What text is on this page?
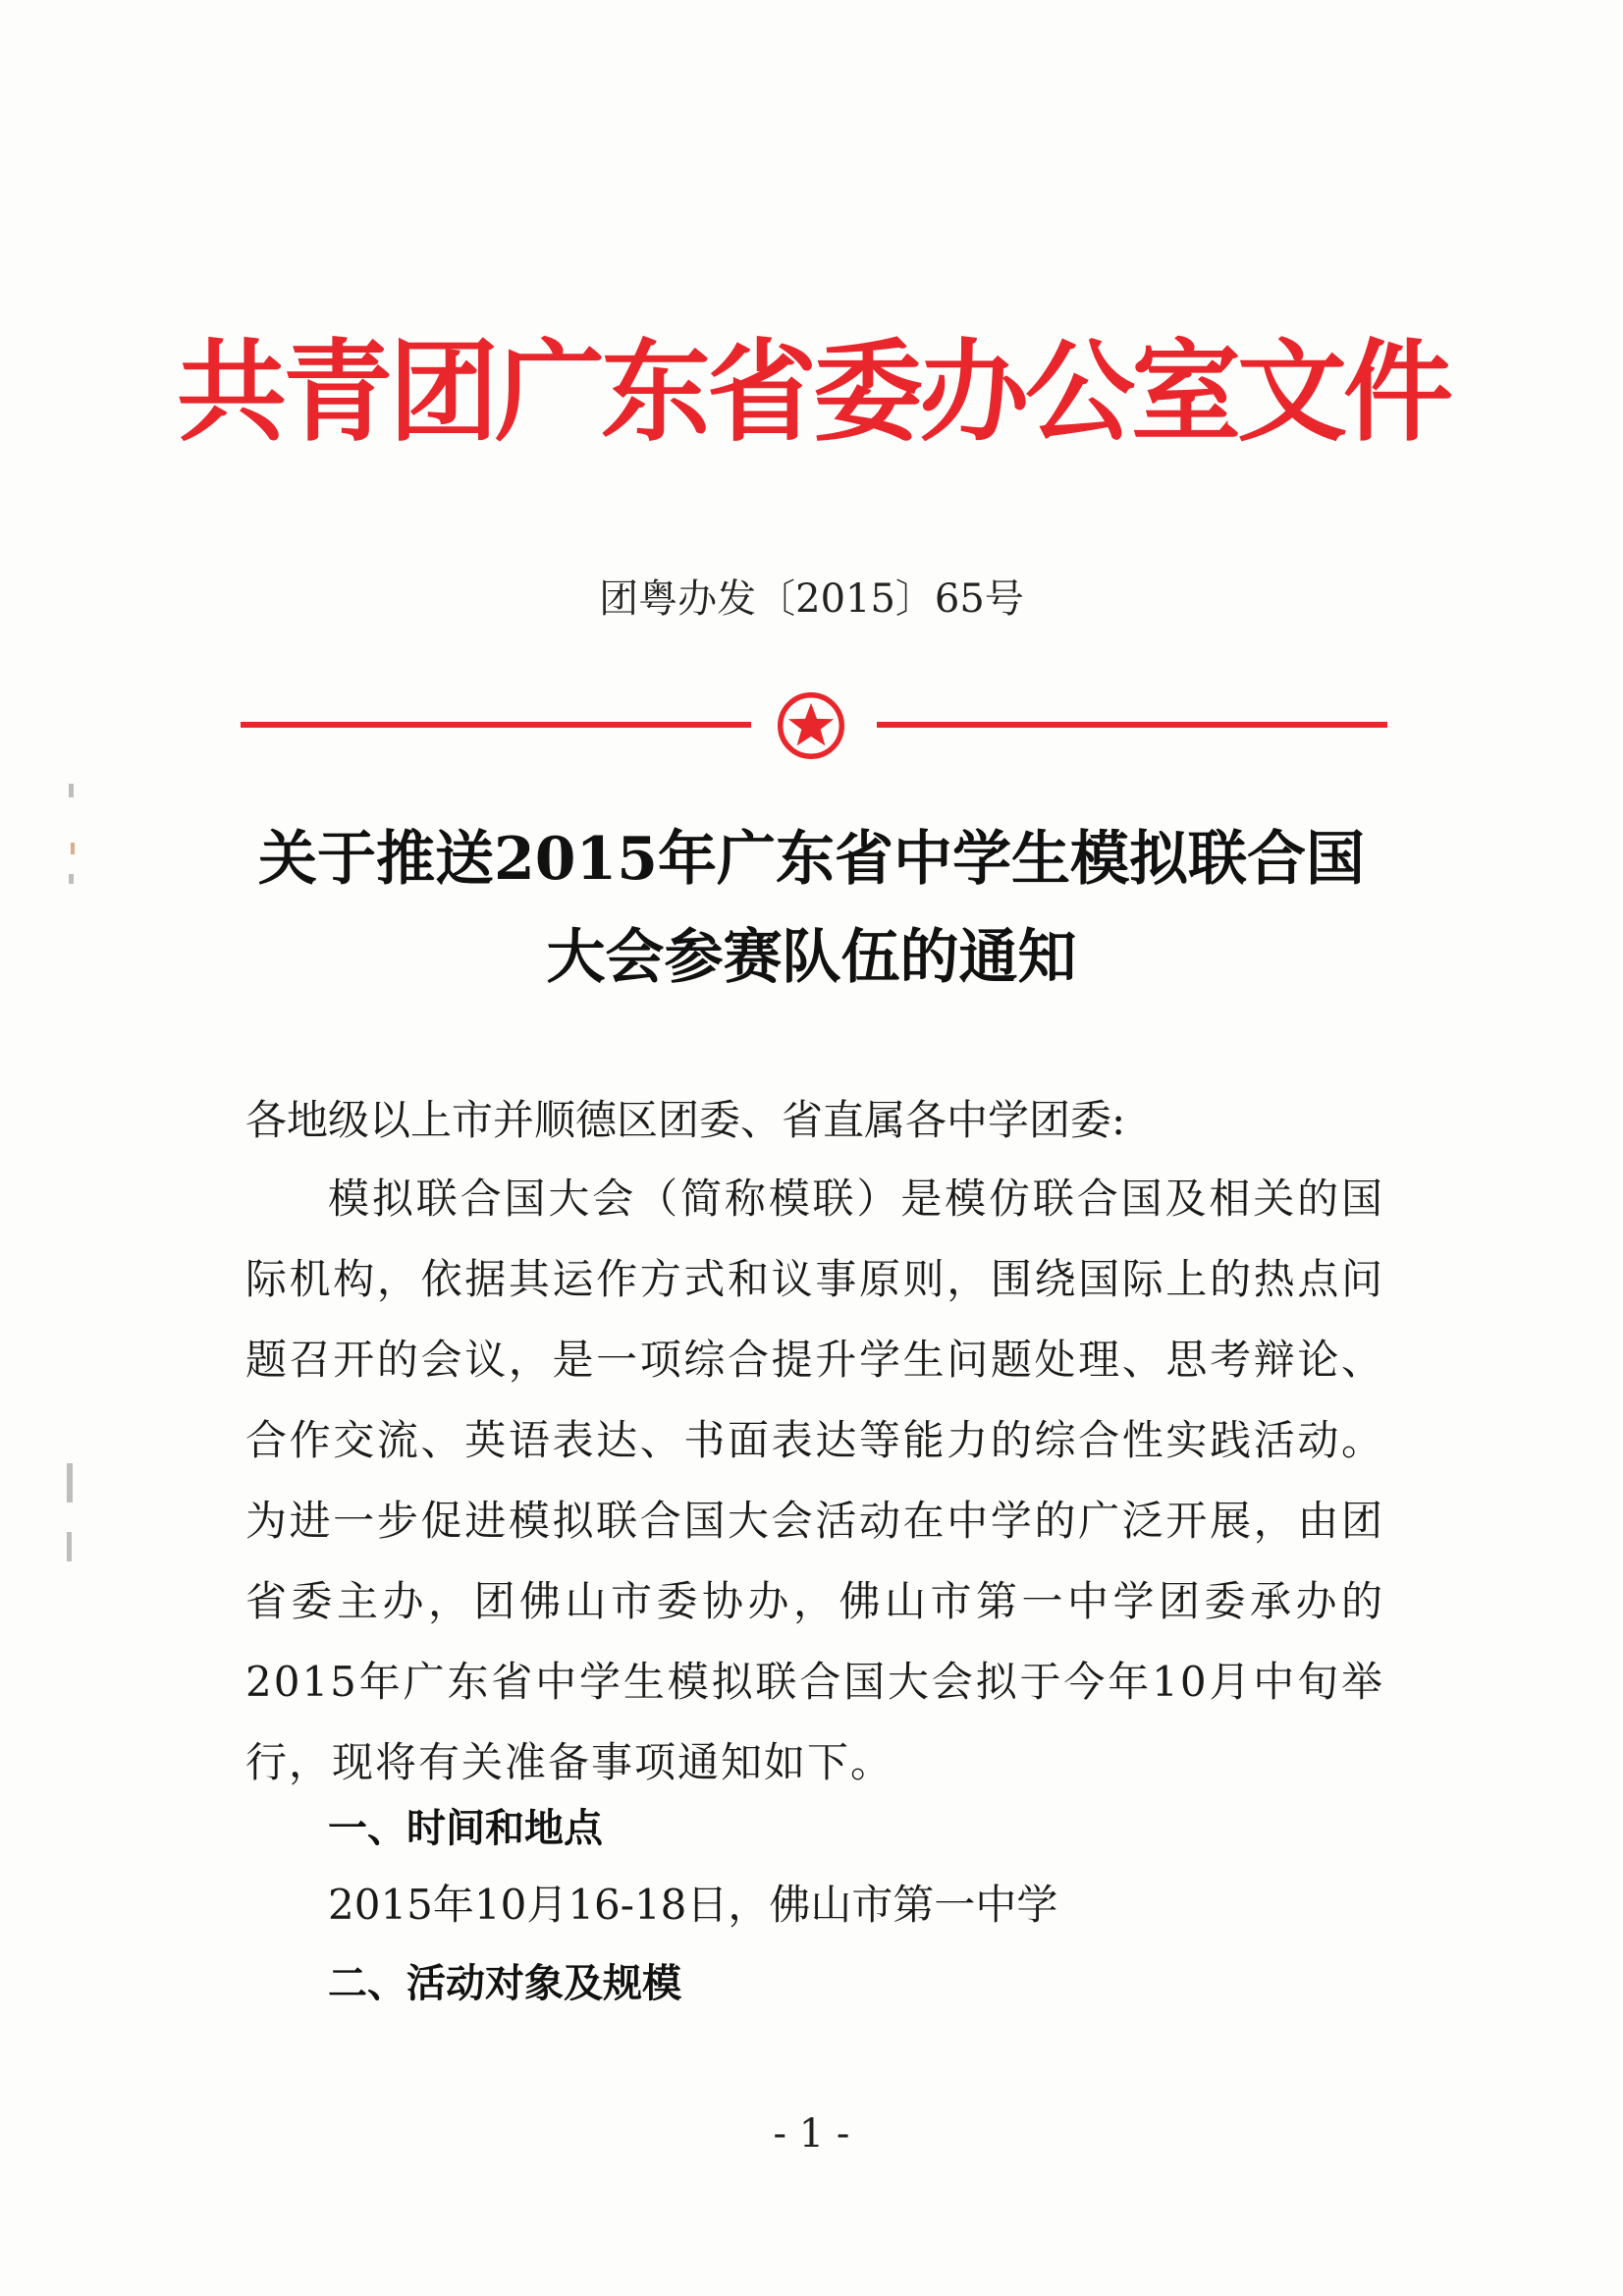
共青团广东省委办公室文件
团粤办发〔2015〕65号
关于推送2015年广东省中学生模拟联合国
大会参赛队伍的通知
各地级以上市并顺德区团委、省直属各中学团委:
模拟联合国大会（简称模联）是模仿联合国及相关的国际机构，依据其运作方式和议事原则，围绕国际上的热点问题召开的会议，是一项综合提升学生问题处理、思考辩论、合作交流、英语表达、书面表达等能力的综合性实践活动。为进一步促进模拟联合国大会活动在中学的广泛开展，由团省委主办，团佛山市委协办，佛山市第一中学团委承办的2015年广东省中学生模拟联合国大会拟于今年10月中旬举行，现将有关准备事项通知如下。
一、时间和地点
2015年10月16-18日，佛山市第一中学
二、活动对象及规模
- 1 -
